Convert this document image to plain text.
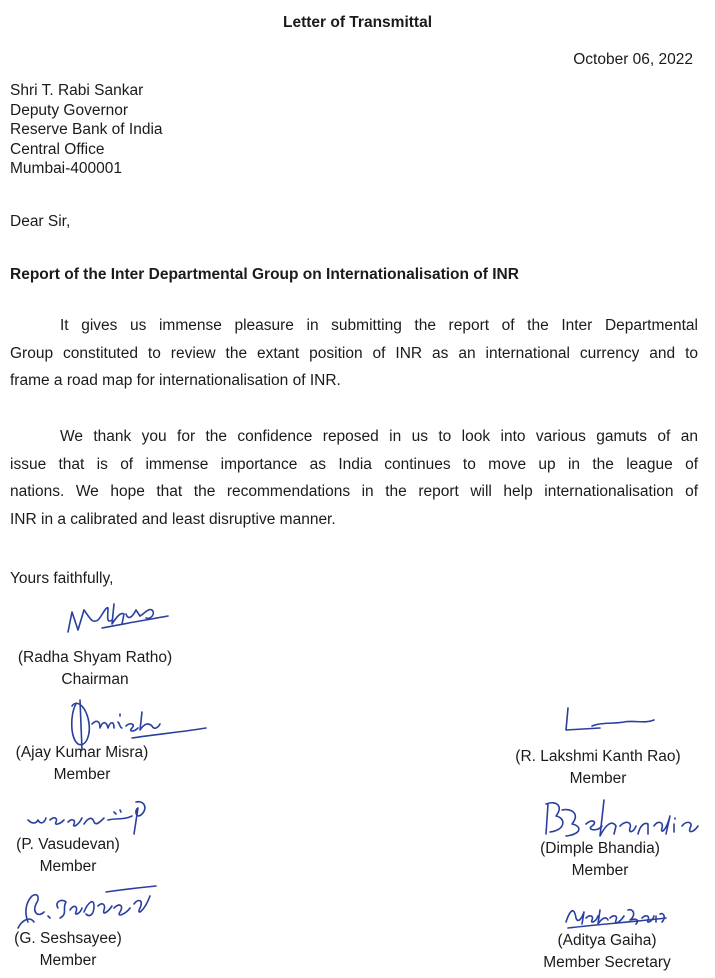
Letter of Transmittal
October 06, 2022
Shri T. Rabi Sankar
Deputy Governor
Reserve Bank of India
Central Office
Mumbai-400001
Dear Sir,
Report of the Inter Departmental Group on Internationalisation of INR
It gives us immense pleasure in submitting the report of the Inter Departmental
Group constituted to review the extant position of INR as an international currency and to
frame a road map for internationalisation of INR.
We thank you for the confidence reposed in us to look into various gamuts of an
issue that is of immense importance as India continues to move up in the league of
nations. We hope that the recommendations in the report will help internationalisation of
INR in a calibrated and least disruptive manner.
Yours faithfully,
(Radha Shyam Ratho)
Chairman
(Ajay Kumar Misra)
Member
(R. Lakshmi Kanth Rao)
Member
(P. Vasudevan)
Member
(Dimple Bhandia)
Member
(G. Seshsayee)
Member
(Aditya Gaiha)
Member Secretary
